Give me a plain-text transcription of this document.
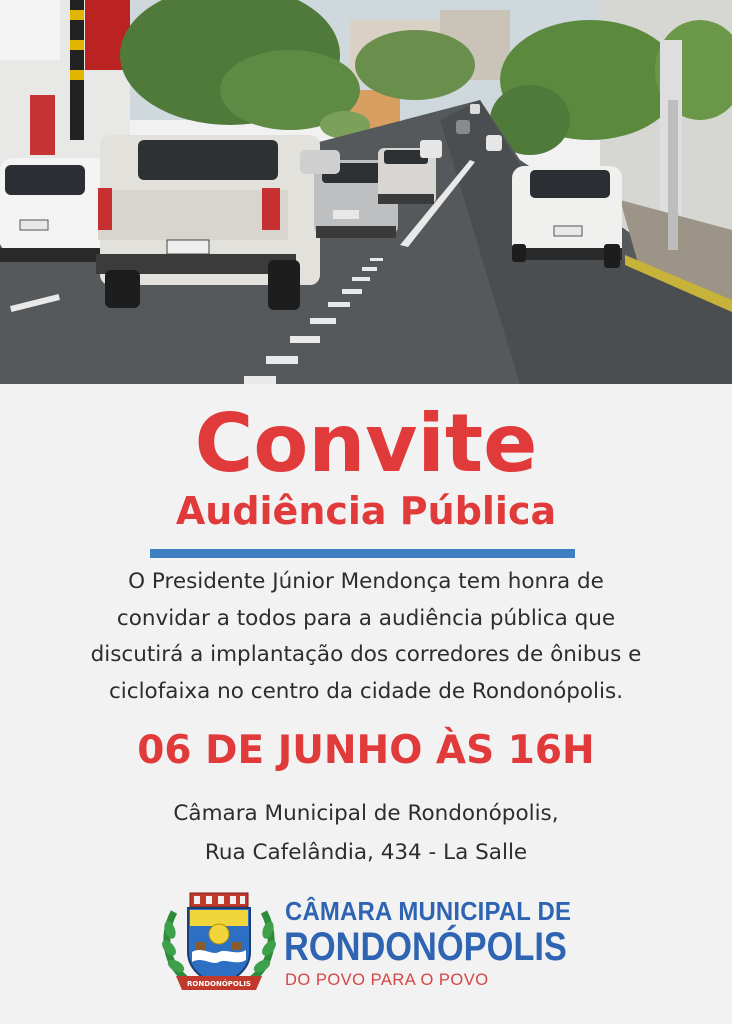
Convite
Audiência Pública
O Presidente Júnior Mendonça tem honra de
convidar a todos para a audiência pública que
discutirá a implantação dos corredores de ônibus e
ciclofaixa no centro da cidade de Rondonópolis.
06 DE JUNHO ÀS 16H
Câmara Municipal de Rondonópolis,
Rua Cafelândia, 434 - La Salle
RONDONÓPOLIS
CÂMARA MUNICIPAL DE
RONDONÓPOLIS
DO POVO PARA O POVO
